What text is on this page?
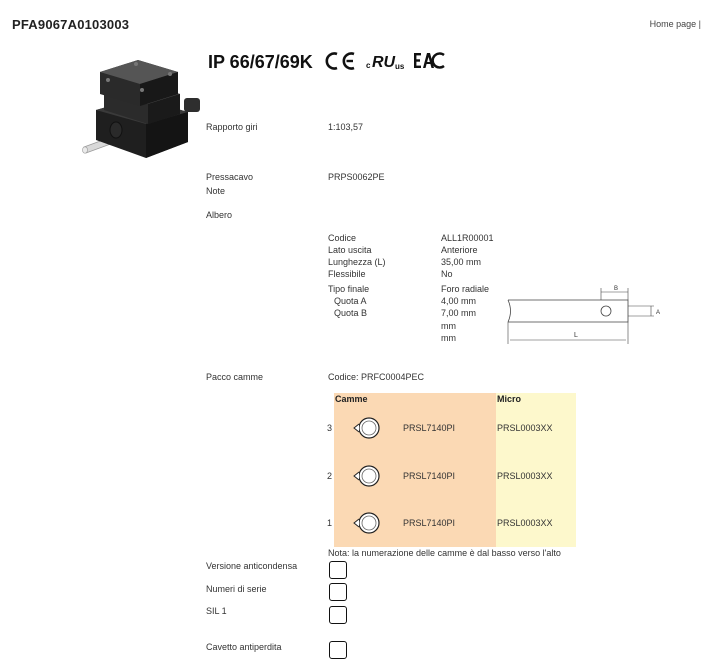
PFA9067A0103003	Home page |
IP 66/67/69K	c RU us
Rapporto giri	1:103,57
Pressacavo	PRPS0062PE
Note
Albero
Codice	ALL1R00001
Lato uscita	Anteriore
Lunghezza (L)	35,00 mm
Flessibile	No
Tipo finale	Foro radiale
Quota A	4,00 mm
Quota B	7,00 mm
mm
mm
B
A
L
Pacco camme	Codice: PRFC0004PEC
Camme	Micro
3	PRSL7140PI	PRSL0003XX
2	PRSL7140PI	PRSL0003XX
1	PRSL7140PI	PRSL0003XX
Nota: la numerazione delle camme è dal basso verso l'alto
Versione anticondensa
Numeri di serie
SIL 1
Cavetto antiperdita
